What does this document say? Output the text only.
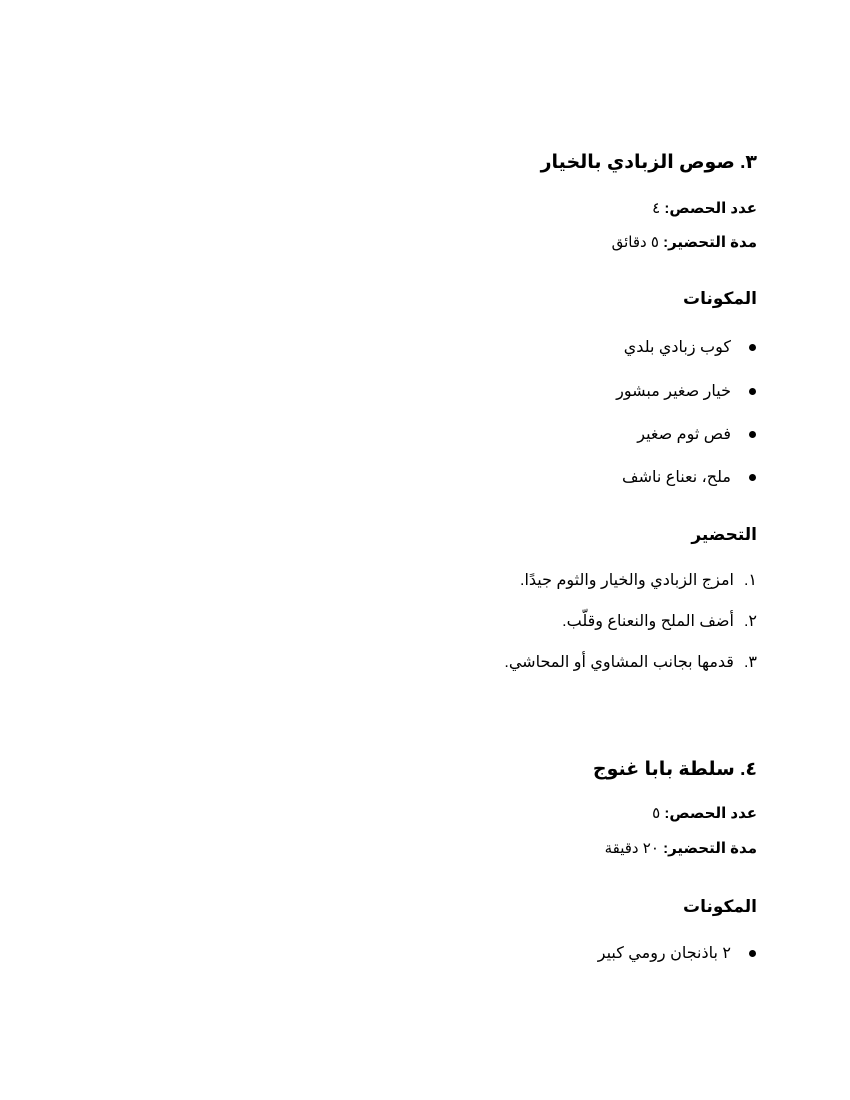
٣. صوص الزبادي بالخيار
عدد الحصص: ٤
مدة التحضير: ٥ دقائق
المكونات
كوب زبادي بلدي
خيار صغير مبشور
فص ثوم صغير
ملح، نعناع ناشف
التحضير
١.امزج الزبادي والخيار والثوم جيدًا.
٢.أضف الملح والنعناع وقلّب.
٣.قدمها بجانب المشاوي أو المحاشي.
٤. سلطة بابا غنوج
عدد الحصص: ٥
مدة التحضير: ٢٠ دقيقة
المكونات
٢ باذنجان رومي كبير
